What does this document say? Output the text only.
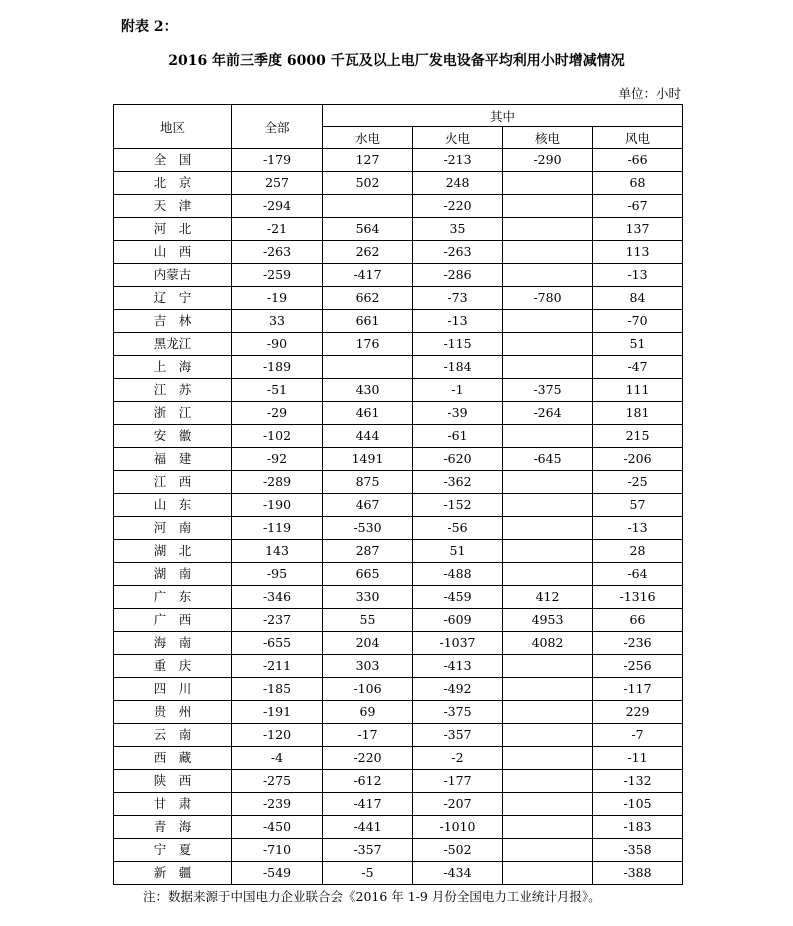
附表 2：
2016 年前三季度 6000 千瓦及以上电厂发电设备平均利用小时增减情况
单位：小时
地区	全部	其中			
		水电	火电	核电	风电
全　国	-179	127	-213	-290	-66
北　京	257	502	248		68
天　津	-294		-220		-67
河　北	-21	564	35		137
山　西	-263	262	-263		113
内蒙古	-259	-417	-286		-13
辽　宁	-19	662	-73	-780	84
吉　林	33	661	-13		-70
黑龙江	-90	176	-115		51
上　海	-189		-184		-47
江　苏	-51	430	-1	-375	111
浙　江	-29	461	-39	-264	181
安　徽	-102	444	-61		215
福　建	-92	1491	-620	-645	-206
江　西	-289	875	-362		-25
山　东	-190	467	-152		57
河　南	-119	-530	-56		-13
湖　北	143	287	51		28
湖　南	-95	665	-488		-64
广　东	-346	330	-459	412	-1316
广　西	-237	55	-609	4953	66
海　南	-655	204	-1037	4082	-236
重　庆	-211	303	-413		-256
四　川	-185	-106	-492		-117
贵　州	-191	69	-375		229
云　南	-120	-17	-357		-7
西　藏	-4	-220	-2		-11
陕　西	-275	-612	-177		-132
甘　肃	-239	-417	-207		-105
青　海	-450	-441	-1010		-183
宁　夏	-710	-357	-502		-358
新　疆	-549	-5	-434		-388
注：数据来源于中国电力企业联合会《2016 年 1-9 月份全国电力工业统计月报》。
